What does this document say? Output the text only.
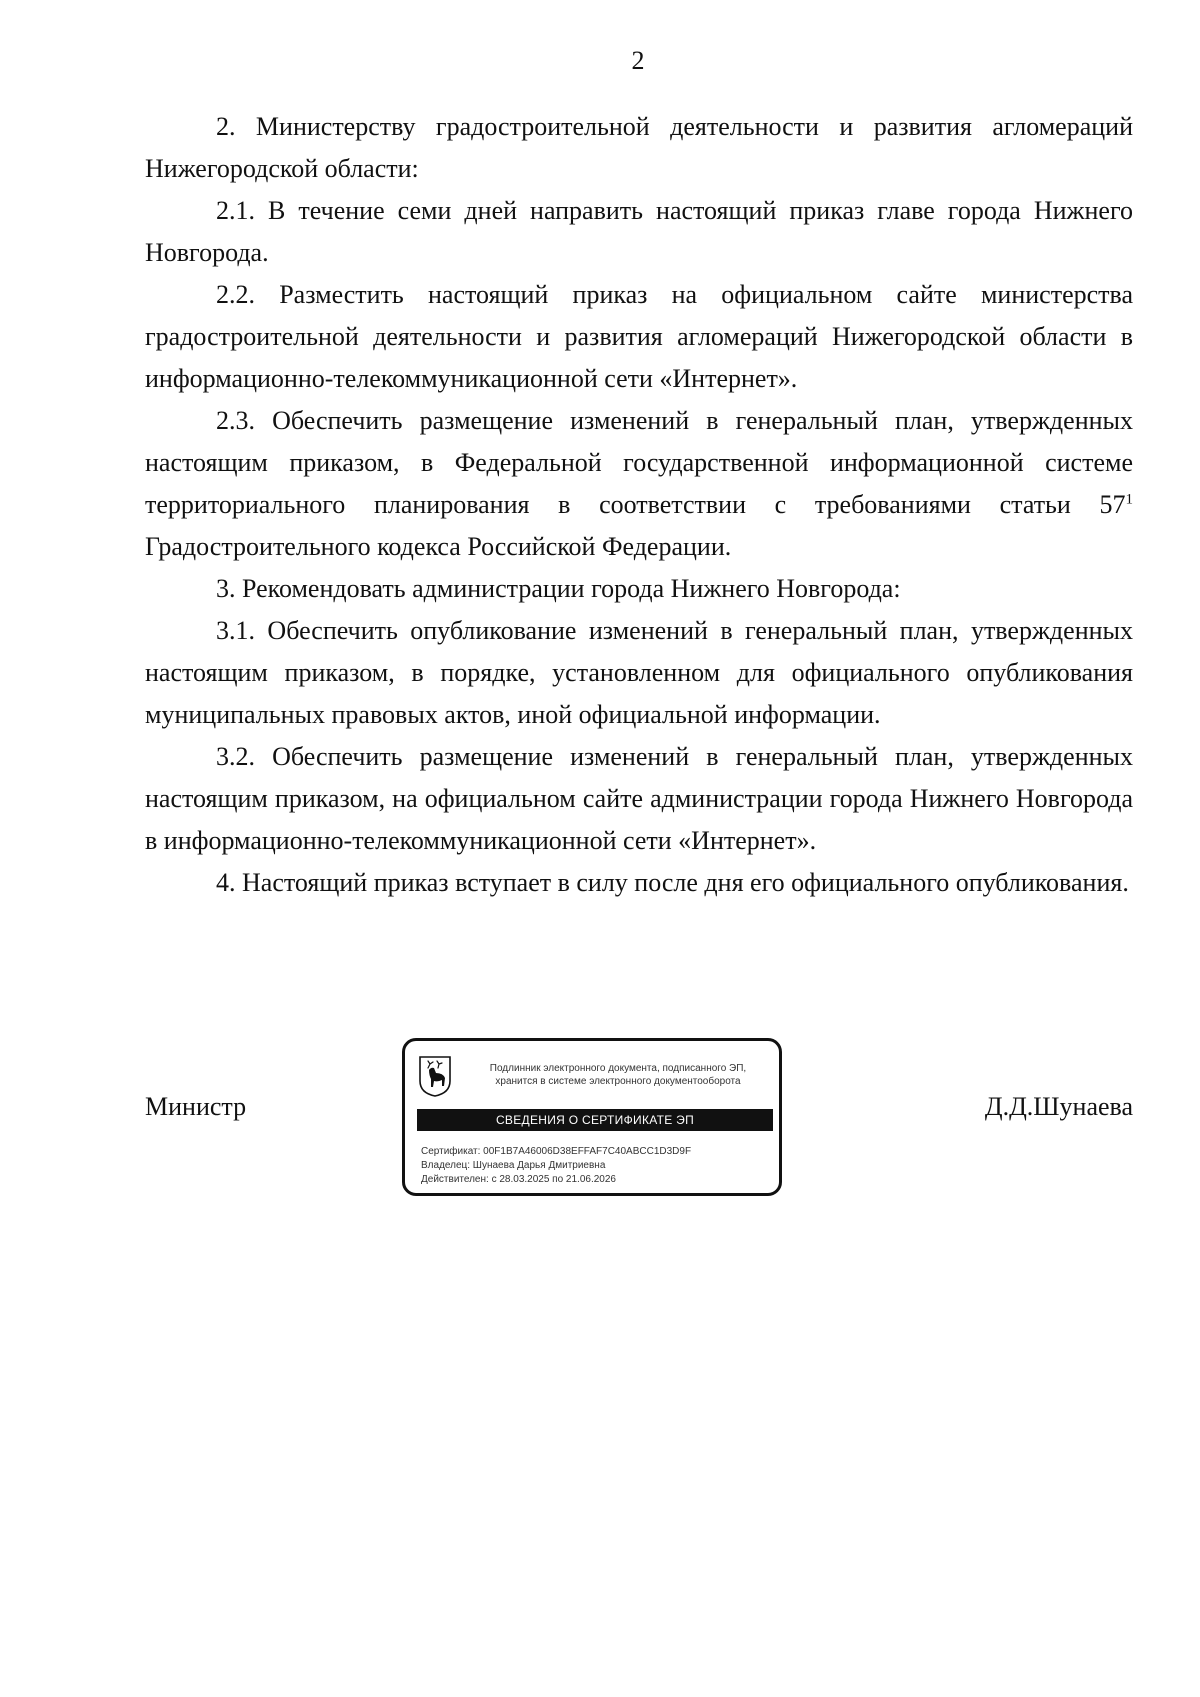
2

2. Министерству градостроительной деятельности и развития агломераций Нижегородской области:

2.1. В течение семи дней направить настоящий приказ главе города Нижнего Новгорода.

2.2. Разместить настоящий приказ на официальном сайте министерства градостроительной деятельности и развития агломераций Нижегородской области в информационно-телекоммуникационной сети «Интернет».

2.3. Обеспечить размещение изменений в генеральный план, утвержденных настоящим приказом, в Федеральной государственной информационной системе территориального планирования в соответствии с требованиями статьи $57^1$ Градостроительного кодекса Российской Федерации.

3. Рекомендовать администрации города Нижнего Новгорода:

3.1. Обеспечить опубликование изменений в генеральный план, утвержденных настоящим приказом, в порядке, установленном для официального опубликования муниципальных правовых актов, иной официальной информации.

3.2. Обеспечить размещение изменений в генеральный план, утвержденных настоящим приказом, на официальном сайте администрации города Нижнего Новгорода в информационно-телекоммуникационной сети «Интернет».

4. Настоящий приказ вступает в силу после дня его официального опубликования.

Министр
Подлинник электронного документа, подписанного ЭП,
хранится в системе электронного документооборота
СВЕДЕНИЯ О СЕРТИФИКАТЕ ЭП
Сертификат: 00F1B7A46006D38EFFAF7C40ABCC1D3D9F
Владелец: Шунаева Дарья Дмитриевна
Действителен: с 28.03.2025 по 21.06.2026
Д.Д.Шунаева
